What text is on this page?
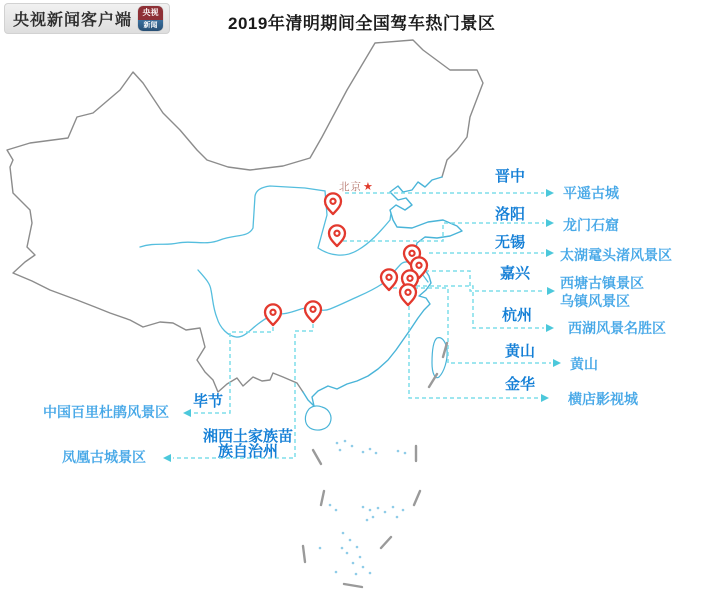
央视新闻客户端	央视
新闻	2019年清明期间全国驾车热门景区
晋中
平遥古城
洛阳
龙门石窟
无锡
太湖鼋头渚风景区
嘉兴
西塘古镇景区
乌镇风景区
杭州
西湖风景名胜区
黄山
黄山
金华
横店影视城
毕节
中国百里杜鹃风景区
湘西土家族苗
族自治州
凤凰古城景区
北京 ★
